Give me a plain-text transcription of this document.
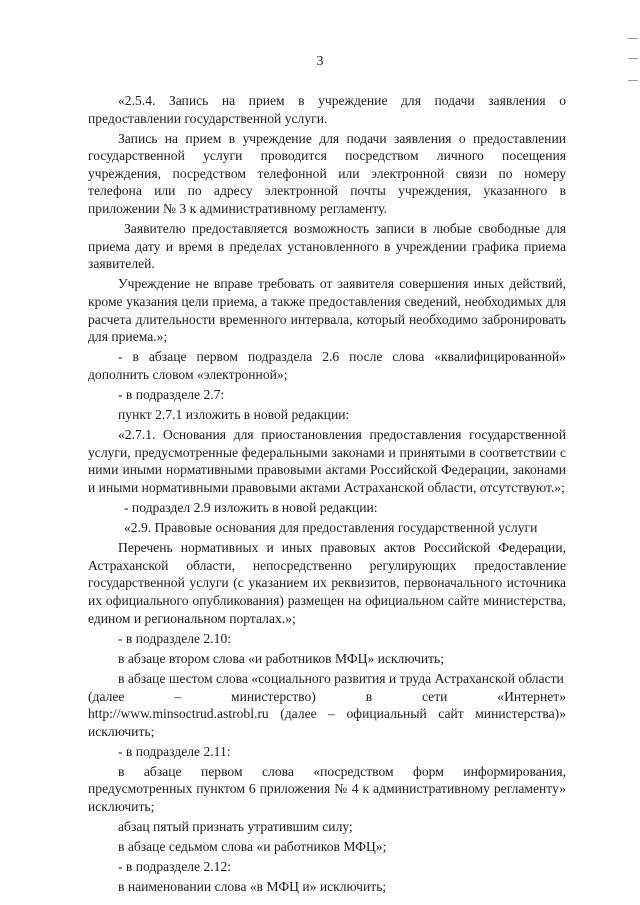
3

«2.5.4. Запись на прием в учреждение для подачи заявления о предоставлении государственной услуги.

Запись на прием в учреждение для подачи заявления о предоставлении государственной услуги проводится посредством личного посещения учреждения, посредством телефонной или электронной связи по номеру телефона или по адресу электронной почты учреждения, указанного в приложении № 3 к административному регламенту.

Заявителю предоставляется возможность записи в любые свободные для приема дату и время в пределах установленного в учреждении графика приема заявителей.

Учреждение не вправе требовать от заявителя совершения иных действий, кроме указания цели приема, а также предоставления сведений, необходимых для расчета длительности временного интервала, который необходимо забронировать для приема.»;

- в абзаце первом подраздела 2.6 после слова «квалифицированной» дополнить словом «электронной»;

- в подразделе 2.7:

пункт 2.7.1 изложить в новой редакции:

«2.7.1. Основания для приостановления предоставления государственной услуги, предусмотренные федеральными законами и принятыми в соответствии с ними иными нормативными правовыми актами Российской Федерации, законами и иными нормативными правовыми актами Астраханской области, отсутствуют.»;

- подраздел 2.9 изложить в новой редакции:

«2.9. Правовые основания для предоставления государственной услуги

Перечень нормативных и иных правовых актов Российской Федерации, Астраханской области, непосредственно регулирующих предоставление государственной услуги (с указанием их реквизитов, первоначального источника их официального опубликования) размещен на официальном сайте министерства, едином и региональном порталах.»;

- в подразделе 2.10:

в абзаце втором слова «и работников МФЦ» исключить;

в абзаце шестом слова «социального развития и труда Астраханской области

(далее	–	министерство)	в	сети	«Интернет»

http://www.minsoctrud.astrobl.ru (далее – официальный сайт министерства)» исключить;

- в подразделе 2.11:

в абзаце первом слова «посредством форм информирования, предусмотренных пунктом 6 приложения № 4 к административному регламенту» исключить;

абзац пятый признать утратившим силу;

в абзаце седьмом слова «и работников МФЦ»;

- в подразделе 2.12:

в наименовании слова «в МФЦ и» исключить;
